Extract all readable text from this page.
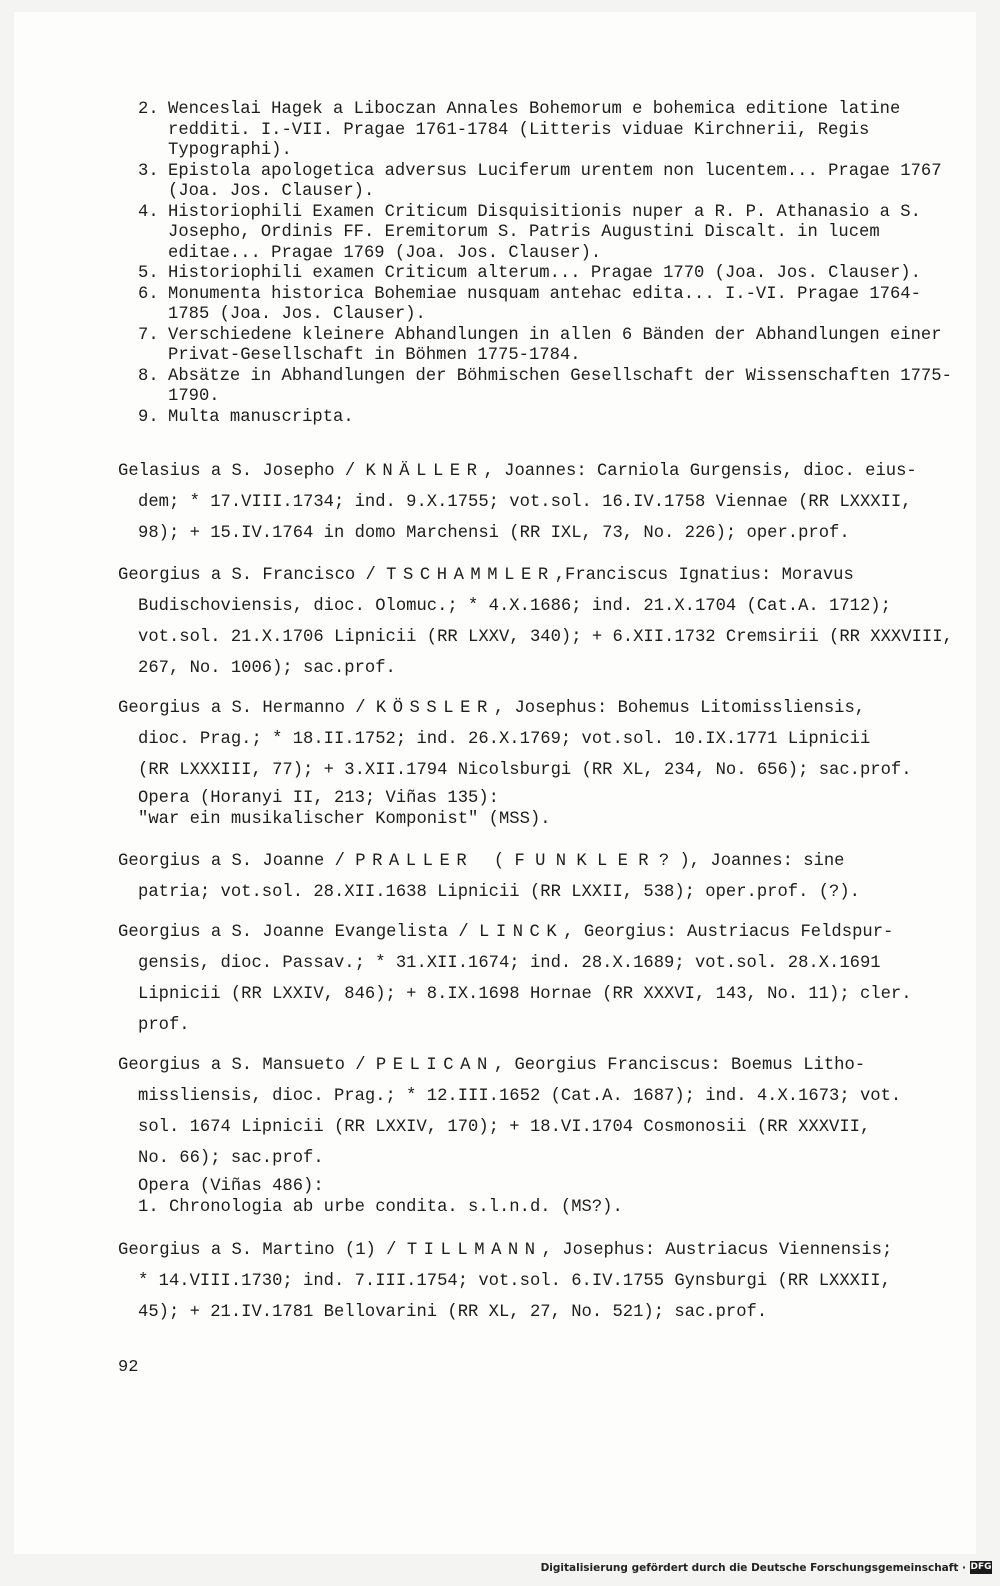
2. Wenceslai Hagek a Liboczan Annales Bohemorum e bohemica editione latine redditi. I.-VII. Pragae 1761-1784 (Litteris viduae Kirchnerii, Regis Typographi).
3. Epistola apologetica adversus Luciferum urentem non lucentem... Pragae 1767 (Joa. Jos. Clauser).
4. Historiophili Examen Criticum Disquisitionis nuper a R. P. Athanasio a S. Josepho, Ordinis FF. Eremitorum S. Patris Augustini Discalt. in lucem editae... Pragae 1769 (Joa. Jos. Clauser).
5. Historiophili examen Criticum alterum... Pragae 1770 (Joa. Jos. Clauser).
6. Monumenta historica Bohemiae nusquam antehac edita... I.-VI. Pragae 1764-1785 (Joa. Jos. Clauser).
7. Verschiedene kleinere Abhandlungen in allen 6 Bänden der Abhandlungen einer Privat-Gesellschaft in Böhmen 1775-1784.
8. Absätze in Abhandlungen der Böhmischen Gesellschaft der Wissenschaften 1775-1790.
9. Multa manuscripta.
Gelasius a S. Josepho / KNÄLLER, Joannes: Carniola Gurgensis, dioc. eius-
dem; * 17.VIII.1734; ind. 9.X.1755; vot.sol. 16.IV.1758 Viennae (RR LXXXII,
98); + 15.IV.1764 in domo Marchensi (RR IXL, 73, No. 226); oper.prof.
Georgius a S. Francisco / TSCHAMMLER,Franciscus Ignatius: Moravus
Budischoviensis, dioc. Olomuc.; * 4.X.1686; ind. 21.X.1704 (Cat.A. 1712);
vot.sol. 21.X.1706 Lipnicii (RR LXXV, 340); + 6.XII.1732 Cremsirii (RR XXXVIII,
267, No. 1006); sac.prof.
Georgius a S. Hermanno / KÖSSLER, Josephus: Bohemus Litomissliensis,
dioc. Prag.; * 18.II.1752; ind. 26.X.1769; vot.sol. 10.IX.1771 Lipnicii
(RR LXXXIII, 77); + 3.XII.1794 Nicolsburgi (RR XL, 234, No. 656); sac.prof.
Opera (Horanyi II, 213; Viñas 135):
"war ein musikalischer Komponist" (MSS).
Georgius a S. Joanne / PRALLER  ( F U N K L E R ? ), Joannes: sine
patria; vot.sol. 28.XII.1638 Lipnicii (RR LXXII, 538); oper.prof. (?).
Georgius a S. Joanne Evangelista / LINCK, Georgius: Austriacus Feldspur-
gensis, dioc. Passav.; * 31.XII.1674; ind. 28.X.1689; vot.sol. 28.X.1691
Lipnicii (RR LXXIV, 846); + 8.IX.1698 Hornae (RR XXXVI, 143, No. 11); cler.
prof.
Georgius a S. Mansueto / PELICAN, Georgius Franciscus: Boemus Litho-
missliensis, dioc. Prag.; * 12.III.1652 (Cat.A. 1687); ind. 4.X.1673; vot.
sol. 1674 Lipnicii (RR LXXIV, 170); + 18.VI.1704 Cosmonosii (RR XXXVII,
No. 66); sac.prof.
Opera (Viñas 486):
1. Chronologia ab urbe condita. s.l.n.d. (MS?).
Georgius a S. Martino (1) / TILLMANN, Josephus: Austriacus Viennensis;
* 14.VIII.1730; ind. 7.III.1754; vot.sol. 6.IV.1755 Gynsburgi (RR LXXXII,
45); + 21.IV.1781 Bellovarini (RR XL, 27, No. 521); sac.prof.
92
Digitalisierung gefördert durch die Deutsche Forschungsgemeinschaft · DFG
